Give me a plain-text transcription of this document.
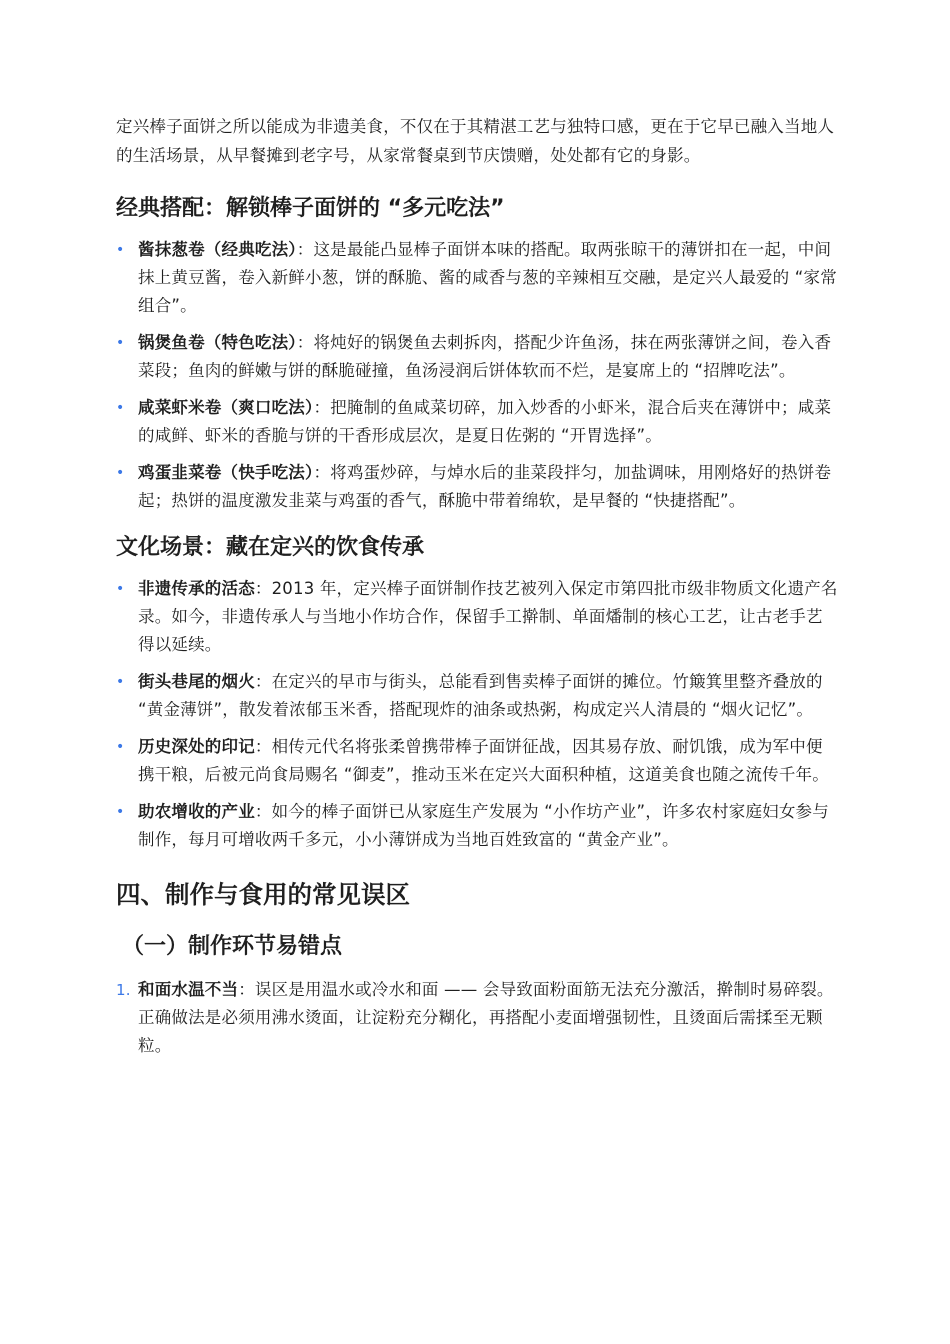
定兴棒子面饼之所以能成为非遗美食，不仅在于其精湛工艺与独特口感，更在于它早已融入当地人的生活场景，从早餐摊到老字号，从家常餐桌到节庆馈赠，处处都有它的身影。

经典搭配：解锁棒子面饼的 “多元吃法”
• 酱抹葱卷（经典吃法）：这是最能凸显棒子面饼本味的搭配。取两张晾干的薄饼扣在一起，中间抹上黄豆酱，卷入新鲜小葱，饼的酥脆、酱的咸香与葱的辛辣相互交融，是定兴人最爱的 “家常组合”。
• 锅煲鱼卷（特色吃法）：将炖好的锅煲鱼去刺拆肉，搭配少许鱼汤，抹在两张薄饼之间，卷入香菜段；鱼肉的鲜嫩与饼的酥脆碰撞，鱼汤浸润后饼体软而不烂，是宴席上的 “招牌吃法”。
• 咸菜虾米卷（爽口吃法）：把腌制的鱼咸菜切碎，加入炒香的小虾米，混合后夹在薄饼中；咸菜的咸鲜、虾米的香脆与饼的干香形成层次，是夏日佐粥的 “开胃选择”。
• 鸡蛋韭菜卷（快手吃法）：将鸡蛋炒碎，与焯水后的韭菜段拌匀，加盐调味，用刚烙好的热饼卷起；热饼的温度激发韭菜与鸡蛋的香气，酥脆中带着绵软，是早餐的 “快捷搭配”。
文化场景：藏在定兴的饮食传承
• 非遗传承的活态：2013 年，定兴棒子面饼制作技艺被列入保定市第四批市级非物质文化遗产名录。如今，非遗传承人与当地小作坊合作，保留手工擀制、单面燔制的核心工艺，让古老手艺得以延续。
• 街头巷尾的烟火：在定兴的早市与街头，总能看到售卖棒子面饼的摊位。竹簸箕里整齐叠放的 “黄金薄饼”，散发着浓郁玉米香，搭配现炸的油条或热粥，构成定兴人清晨的 “烟火记忆”。
• 历史深处的印记：相传元代名将张柔曾携带棒子面饼征战，因其易存放、耐饥饿，成为军中便携干粮，后被元尚食局赐名 “御麦”，推动玉米在定兴大面积种植，这道美食也随之流传千年。
• 助农增收的产业：如今的棒子面饼已从家庭生产发展为 “小作坊产业”，许多农村家庭妇女参与制作，每月可增收两千多元，小小薄饼成为当地百姓致富的 “黄金产业”。
四、制作与食用的常见误区
（一）制作环节易错点
1. 和面水温不当：误区是用温水或冷水和面 —— 会导致面粉面筋无法充分激活，擀制时易碎裂。正确做法是必须用沸水烫面，让淀粉充分糊化，再搭配小麦面增强韧性，且烫面后需揉至无颗粒。
